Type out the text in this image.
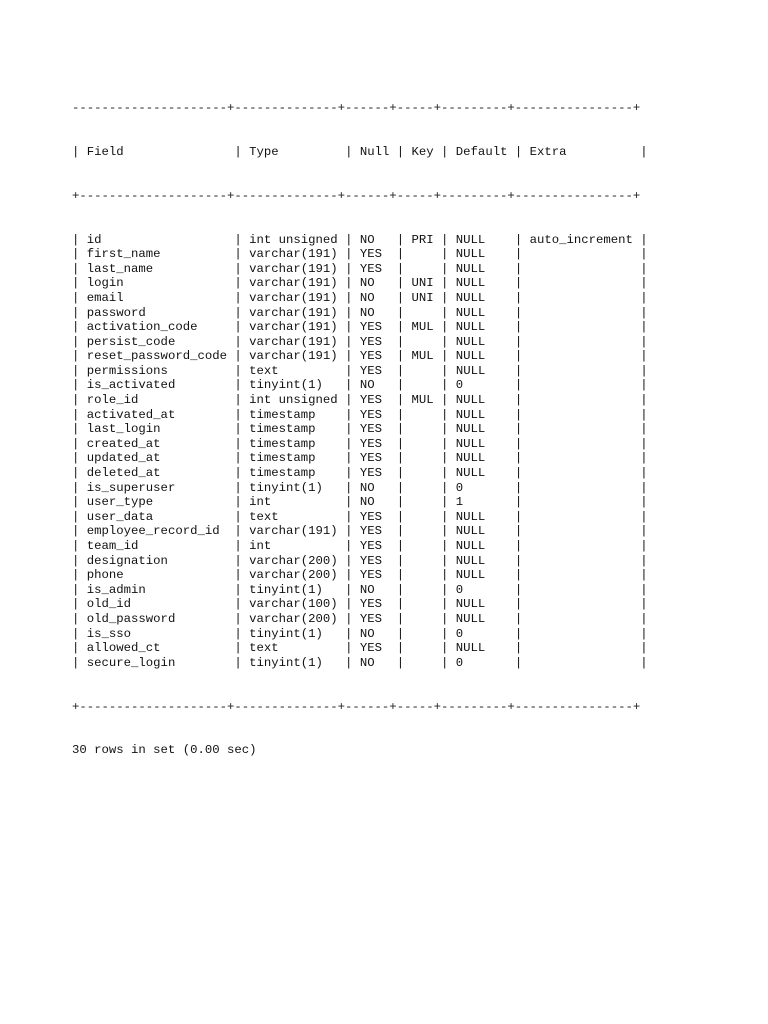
---------------------+--------------+------+-----+---------+----------------+

| Field               | Type         | Null | Key | Default | Extra          |

+--------------------+--------------+------+-----+---------+----------------+

| id                  | int unsigned | NO   | PRI | NULL    | auto_increment |
| first_name          | varchar(191) | YES  |     | NULL    |                |
| last_name           | varchar(191) | YES  |     | NULL    |                |
| login               | varchar(191) | NO   | UNI | NULL    |                |
| email               | varchar(191) | NO   | UNI | NULL    |                |
| password            | varchar(191) | NO   |     | NULL    |                |
| activation_code     | varchar(191) | YES  | MUL | NULL    |                |
| persist_code        | varchar(191) | YES  |     | NULL    |                |
| reset_password_code | varchar(191) | YES  | MUL | NULL    |                |
| permissions         | text         | YES  |     | NULL    |                |
| is_activated        | tinyint(1)   | NO   |     | 0       |                |
| role_id             | int unsigned | YES  | MUL | NULL    |                |
| activated_at        | timestamp    | YES  |     | NULL    |                |
| last_login          | timestamp    | YES  |     | NULL    |                |
| created_at          | timestamp    | YES  |     | NULL    |                |
| updated_at          | timestamp    | YES  |     | NULL    |                |
| deleted_at          | timestamp    | YES  |     | NULL    |                |
| is_superuser        | tinyint(1)   | NO   |     | 0       |                |
| user_type           | int          | NO   |     | 1       |                |
| user_data           | text         | YES  |     | NULL    |                |
| employee_record_id  | varchar(191) | YES  |     | NULL    |                |
| team_id             | int          | YES  |     | NULL    |                |
| designation         | varchar(200) | YES  |     | NULL    |                |
| phone               | varchar(200) | YES  |     | NULL    |                |
| is_admin            | tinyint(1)   | NO   |     | 0       |                |
| old_id              | varchar(100) | YES  |     | NULL    |                |
| old_password        | varchar(200) | YES  |     | NULL    |                |
| is_sso              | tinyint(1)   | NO   |     | 0       |                |
| allowed_ct          | text         | YES  |     | NULL    |                |
| secure_login        | tinyint(1)   | NO   |     | 0       |                |

+--------------------+--------------+------+-----+---------+----------------+

30 rows in set (0.00 sec)
